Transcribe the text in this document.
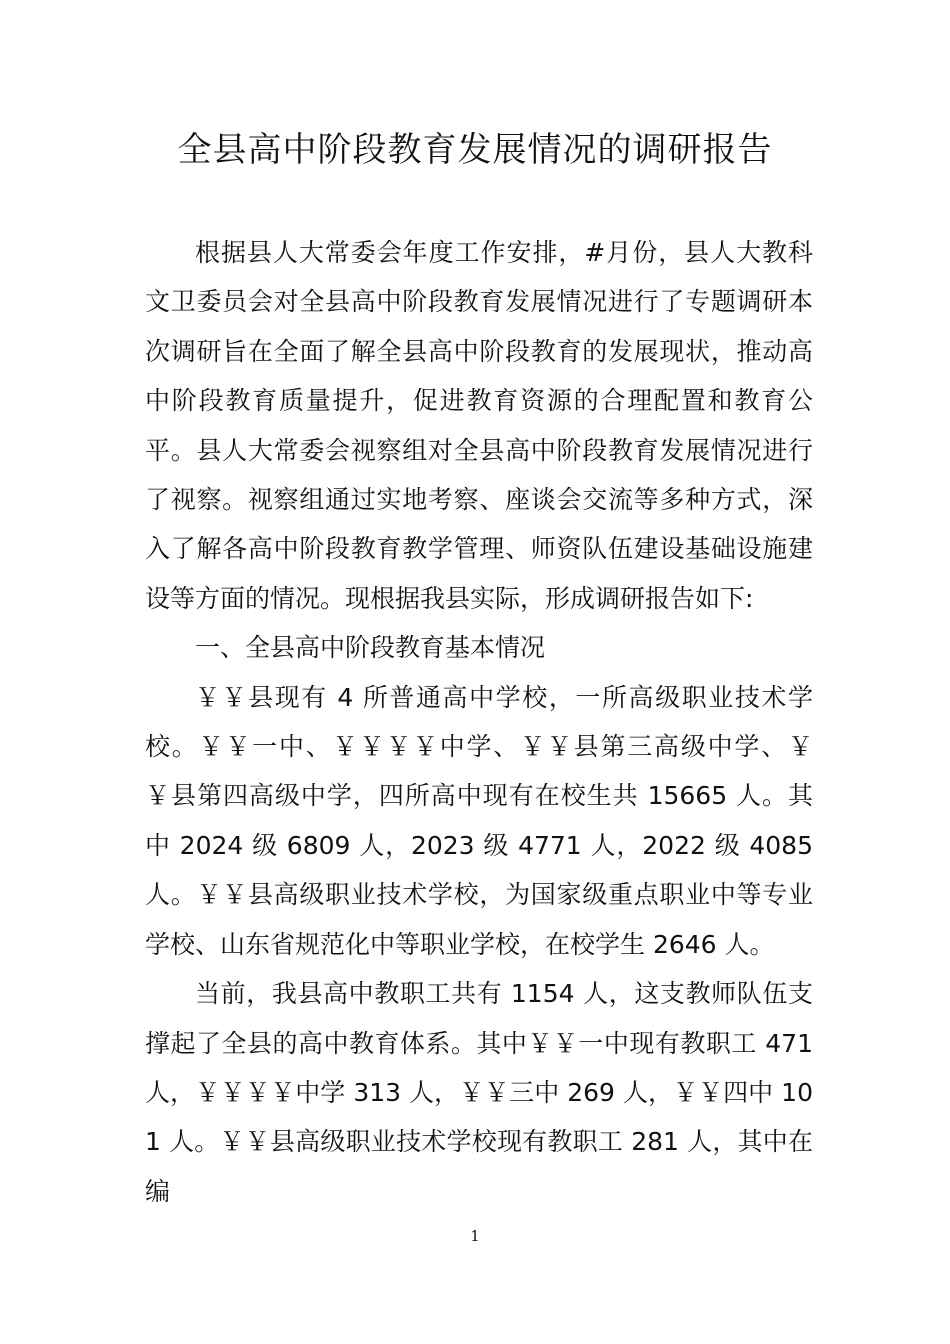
全县高中阶段教育发展情况的调研报告

根据县人大常委会年度工作安排，#月份，县人大教科文卫委员会对全县高中阶段教育发展情况进行了专题调研本次调研旨在全面了解全县高中阶段教育的发展现状，推动高中阶段教育质量提升，促进教育资源的合理配置和教育公平。县人大常委会视察组对全县高中阶段教育发展情况进行了视察。视察组通过实地考察、座谈会交流等多种方式，深入了解各高中阶段教育教学管理、师资队伍建设基础设施建设等方面的情况。现根据我县实际，形成调研报告如下:

一、全县高中阶段教育基本情况

￥￥县现有 4 所普通高中学校，一所高级职业技术学校。￥￥一中、￥￥￥￥中学、￥￥县第三高级中学、￥￥县第四高级中学，四所高中现有在校生共 15665 人。其中 2024 级 6809 人，2023 级 4771 人，2022 级 4085 人。￥￥县高级职业技术学校，为国家级重点职业中等专业学校、山东省规范化中等职业学校，在校学生 2646 人。

当前，我县高中教职工共有 1154 人，这支教师队伍支撑起了全县的高中教育体系。其中￥￥一中现有教职工 471 人，￥￥￥￥中学 313 人，￥￥三中 269 人，￥￥四中 101 人。￥￥县高级职业技术学校现有教职工 281 人，其中在编

1
